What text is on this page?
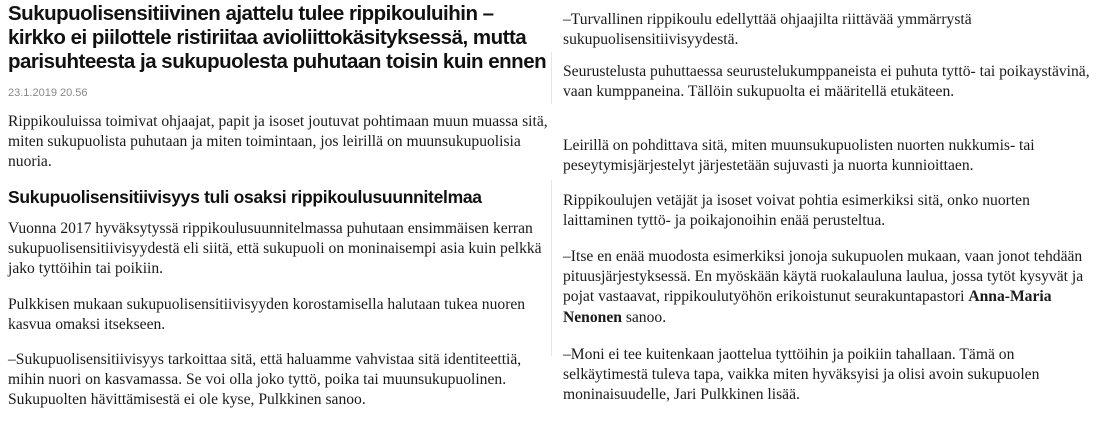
Sukupuolisensitiivinen ajattelu tulee rippikouluihin – kirkko ei piilottele ristiriitaa avioliittokäsityksessä, mutta parisuhteesta ja sukupuolesta puhutaan toisin kuin ennen
23.1.2019 20.56

Rippikouluissa toimivat ohjaajat, papit ja isoset joutuvat pohtimaan muun muassa sitä, miten sukupuolista puhutaan ja miten toimintaan, jos leirillä on muunsukupuolisia nuoria.

Sukupuolisensitiivisyys tuli osaksi rippikoulusuunnitelmaa

Vuonna 2017 hyväksytyssä rippikoulusuunnitelmassa puhutaan ensimmäisen kerran sukupuolisensitiivisyydestä eli siitä, että sukupuoli on moninaisempi asia kuin pelkkä jako tyttöihin tai poikiin.

Pulkkisen mukaan sukupuolisensitiivisyyden korostamisella halutaan tukea nuoren kasvua omaksi itsekseen.

–Sukupuolisensitiivisyys tarkoittaa sitä, että haluamme vahvistaa sitä identiteettiä, mihin nuori on kasvamassa. Se voi olla joko tyttö, poika tai muunsukupuolinen. Sukupuolten hävittämisestä ei ole kyse, Pulkkinen sanoo.

–Turvallinen rippikoulu edellyttää ohjaajilta riittävää ymmärrystä sukupuolisensitiivisyydestä.

Seurustelusta puhuttaessa seurustelukumppaneista ei puhuta tyttö- tai poikaystävinä, vaan kumppaneina. Tällöin sukupuolta ei määritellä etukäteen.

Leirillä on pohdittava sitä, miten muunsukupuolisten nuorten nukkumis- tai peseytymisjärjestelyt järjestetään sujuvasti ja nuorta kunnioittaen.

Rippikoulujen vetäjät ja isoset voivat pohtia esimerkiksi sitä, onko nuorten laittaminen tyttö- ja poikajonoihin enää perusteltua.

–Itse en enää muodosta esimerkiksi jonoja sukupuolen mukaan, vaan jonot tehdään pituusjärjestyksessä. En myöskään käytä ruokalauluna laulua, jossa tytöt kysyvät ja pojat vastaavat, rippikoulutyöhön erikoistunut seurakuntapastori Anna-Maria Nenonen sanoo.

–Moni ei tee kuitenkaan jaottelua tyttöihin ja poikiin tahallaan. Tämä on selkäytimestä tuleva tapa, vaikka miten hyväksyisi ja olisi avoin sukupuolen moninaisuudelle, Jari Pulkkinen lisää.
